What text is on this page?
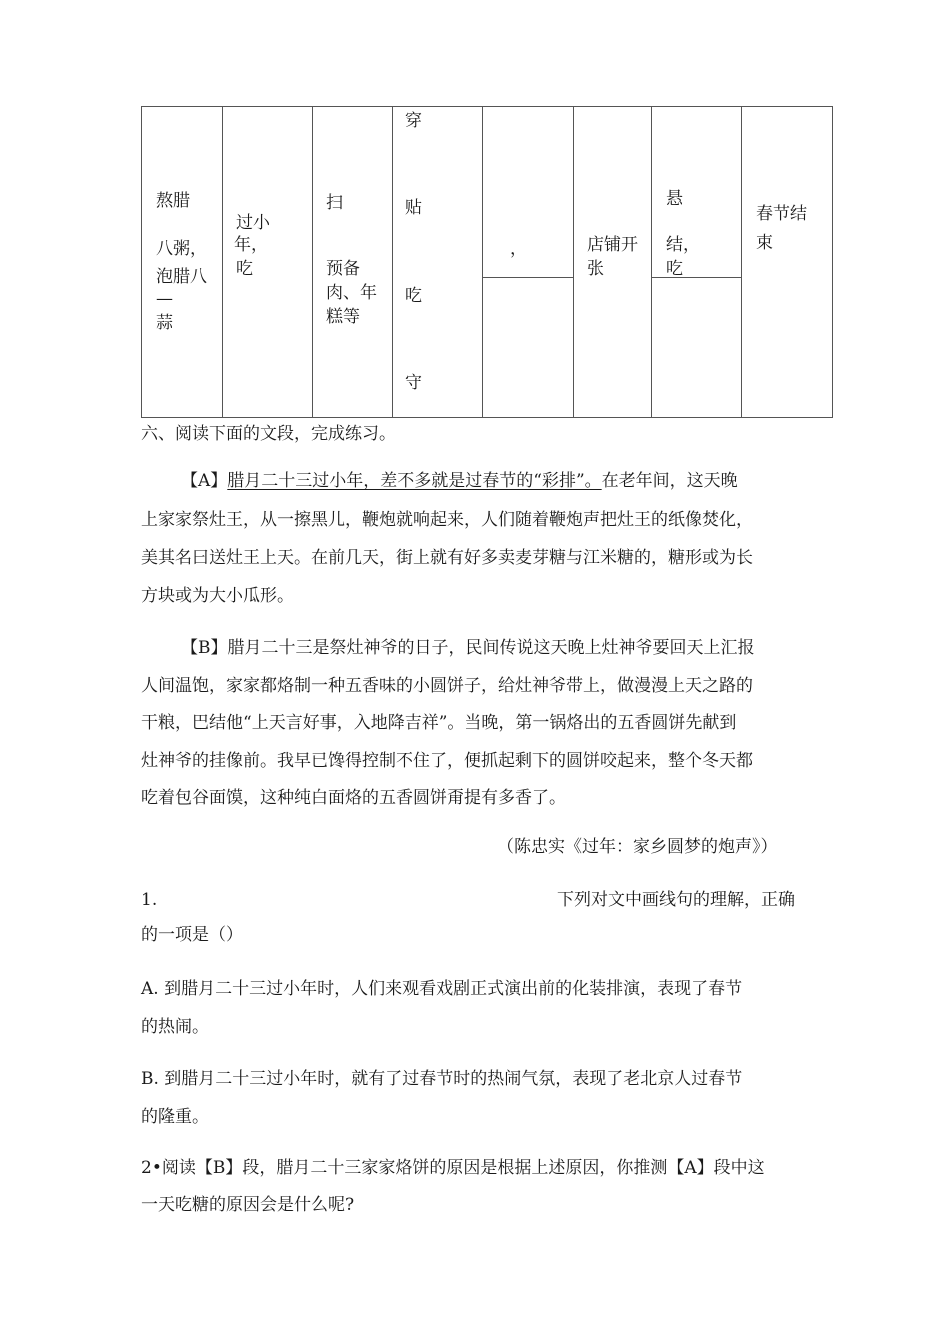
熬腊
八粥，
泡腊八
—
蒜
过小
年，
吃
扫
预备
肉、年
糕等
穿
贴
吃
守
，	店铺开
张
悬
结，
吃
春节结
束
六、阅读下面的文段，完成练习。
【A】腊月二十三过小年，差不多就是过春节的“彩排”。在老年间，这天晚
上家家祭灶王，从一擦黑儿，鞭炮就响起来，人们随着鞭炮声把灶王的纸像焚化，
美其名曰送灶王上天。在前几天，街上就有好多卖麦芽糖与江米糖的，糖形或为长
方块或为大小瓜形。
【B】腊月二十三是祭灶神爷的日子，民间传说这天晚上灶神爷要回天上汇报
人间温饱，家家都烙制一种五香味的小圆饼子，给灶神爷带上，做漫漫上天之路的
干粮，巴结他“上天言好事，入地降吉祥”。当晚，第一锅烙出的五香圆饼先献到
灶神爷的挂像前。我早已馋得控制不住了，便抓起剩下的圆饼咬起来，整个冬天都
吃着包谷面馍，这种纯白面烙的五香圆饼甭提有多香了。
（陈忠实《过年：家乡圆梦的炮声》）
1.	下列对文中画线句的理解，正确
的一项是（）
A. 到腊月二十三过小年时，人们来观看戏剧正式演出前的化装排演，表现了春节
的热闹。
B. 到腊月二十三过小年时，就有了过春节时的热闹气氛，表现了老北京人过春节
的隆重。
2•阅读【B】段，腊月二十三家家烙饼的原因是根据上述原因，你推测【A】段中这
一天吃糖的原因会是什么呢?
